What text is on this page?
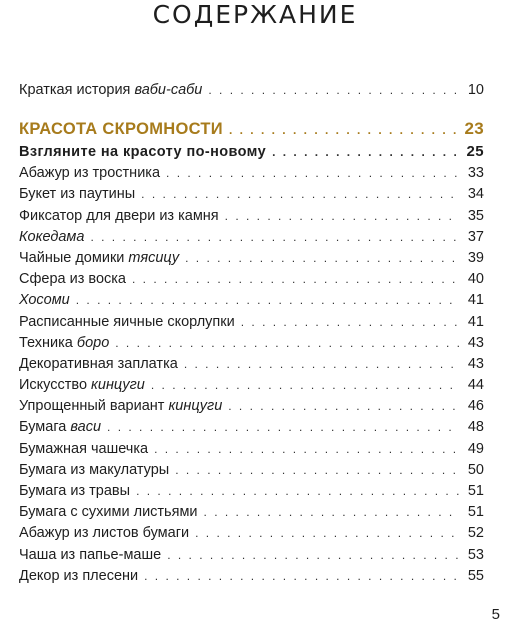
СОДЕРЖАНИЕ
Краткая история ваби-саби . . .	10
КРАСОТА СКРОМНОСТИ . . .	23
Взгляните на красоту по-новому . . .	25
Абажур из тростника . . .	33
Букет из паутины . . .	34
Фиксатор для двери из камня . . .	35
Кокедама . . .	37
Чайные домики тясицу . . .	39
Сфера из воска . . .	40
Хосоми . . .	41
Расписанные яичные скорлупки . . .	41
Техника боро . . .	43
Декоративная заплатка . . .	43
Искусство кинцуги . . .	44
Упрощенный вариант кинцуги . . .	46
Бумага васи . . .	48
Бумажная чашечка . . .	49
Бумага из макулатуры . . .	50
Бумага из травы . . .	51
Бумага с сухими листьями . . .	51
Абажур из листов бумаги . . .	52
Чаша из папье-маше . . .	53
Декор из плесени . . .	55
5
